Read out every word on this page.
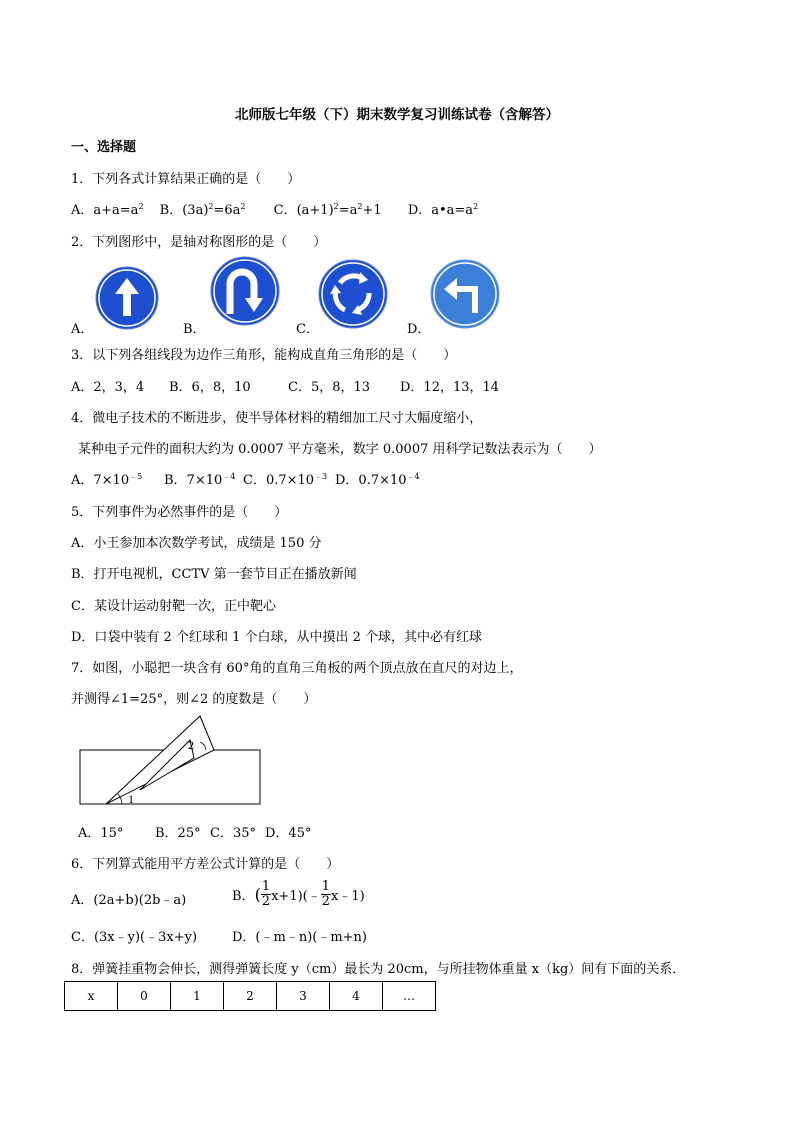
北师版七年级（下）期末数学复习训练试卷（含解答）
一、选择题
1．下列各式计算结果正确的是（　　）
A．$a+a=a^2$ B．$(3a)^2=6a^2$ C．$(a+1)^2=a^2+1$ D．$a•a=a^2$
2．下列图形中，是轴对称图形的是（　　）
A．	B．	C．	D．
3．以下列各组线段为边作三角形，能构成直角三角形的是（　　）
A．2，3，4 B．6，8，10	C．5，8，13 D．12，13，14
4．微电子技术的不断进步，使半导体材料的精细加工尺寸大幅度缩小，
某种电子元件的面积大约为 0.0007 平方毫米，数字 0.0007 用科学记数法表示为（　　）
A．$7\times 10^{﹣5}$ B．$7\times 10^{﹣4}$ C．$0.7\times 10^{﹣3}$ D．$0.7\times 10^{﹣4}$
5．下列事件为必然事件的是（　　）
A．小王参加本次数学考试，成绩是 150 分
B．打开电视机，CCTV 第一套节目正在播放新闻
C．某设计运动射靶一次，正中靶心
D．口袋中装有 2 个红球和 1 个白球，从中摸出 2 个球，其中必有红球
7．如图，小聪把一块含有 60°角的直角三角板的两个顶点放在直尺的对边上，
并测得∠1=25°，则∠2 的度数是（　　）
1
2
A．15° B．25° C．35° D．45°
6．下列算式能用平方差公式计算的是（　　）
A．(2a+b)(2b﹣a)	B．( $\frac{1}{2}$ x+1)(﹣ $\frac{1}{2}$ x﹣1)
C．(3x﹣y)(﹣3x+y)	D．(﹣m﹣n)(﹣m+n)
8．弹簧挂重物会伸长，测得弹簧长度 y（cm）最长为 20cm，与所挂物体重量 x（kg）间有下面的关系．
x	0	1	2	3	4	…
